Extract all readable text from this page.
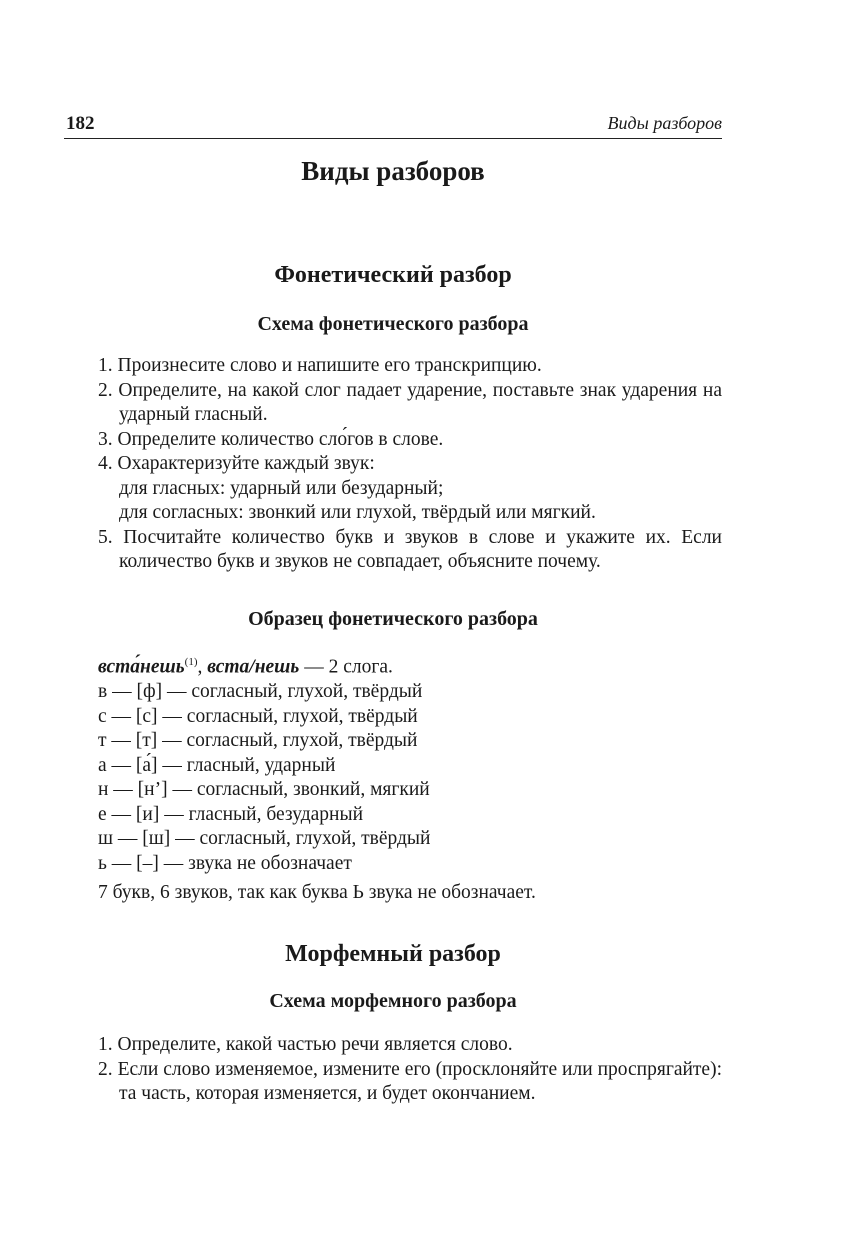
182	Виды разборов
Виды разборов
Фонетический разбор
Схема фонетического разбора
1. Произнесите слово и напишите его транскрипцию.
2. Определите, на какой слог падает ударение, поставьте знак ударения на ударный гласный.
3. Определите количество сло́гов в слове.
4. Охарактеризуйте каждый звук:
для гласных: ударный или безударный;
для согласных: звонкий или глухой, твёрдый или мягкий.
5. Посчитайте количество букв и звуков в слове и укажите их. Если количество букв и звуков не совпадает, объясните почему.
Образец фонетического разбора
вста́нешь$^{(1)}$, вста/нешь — 2 слога.
в — [ф] — согласный, глухой, твёрдый
с — [с] — согласный, глухой, твёрдый
т — [т] — согласный, глухой, твёрдый
а — [а́] — гласный, ударный
н — [н’] — согласный, звонкий, мягкий
е — [и] — гласный, безударный
ш — [ш] — согласный, глухой, твёрдый
ь — [–] — звука не обозначает
7 букв, 6 звуков, так как буква Ь звука не обозначает.
Морфемный разбор
Схема морфемного разбора
1. Определите, какой частью речи является слово.
2. Если слово изменяемое, измените его (просклоняйте или проспрягайте): та часть, которая изменяется, и будет окончанием.
